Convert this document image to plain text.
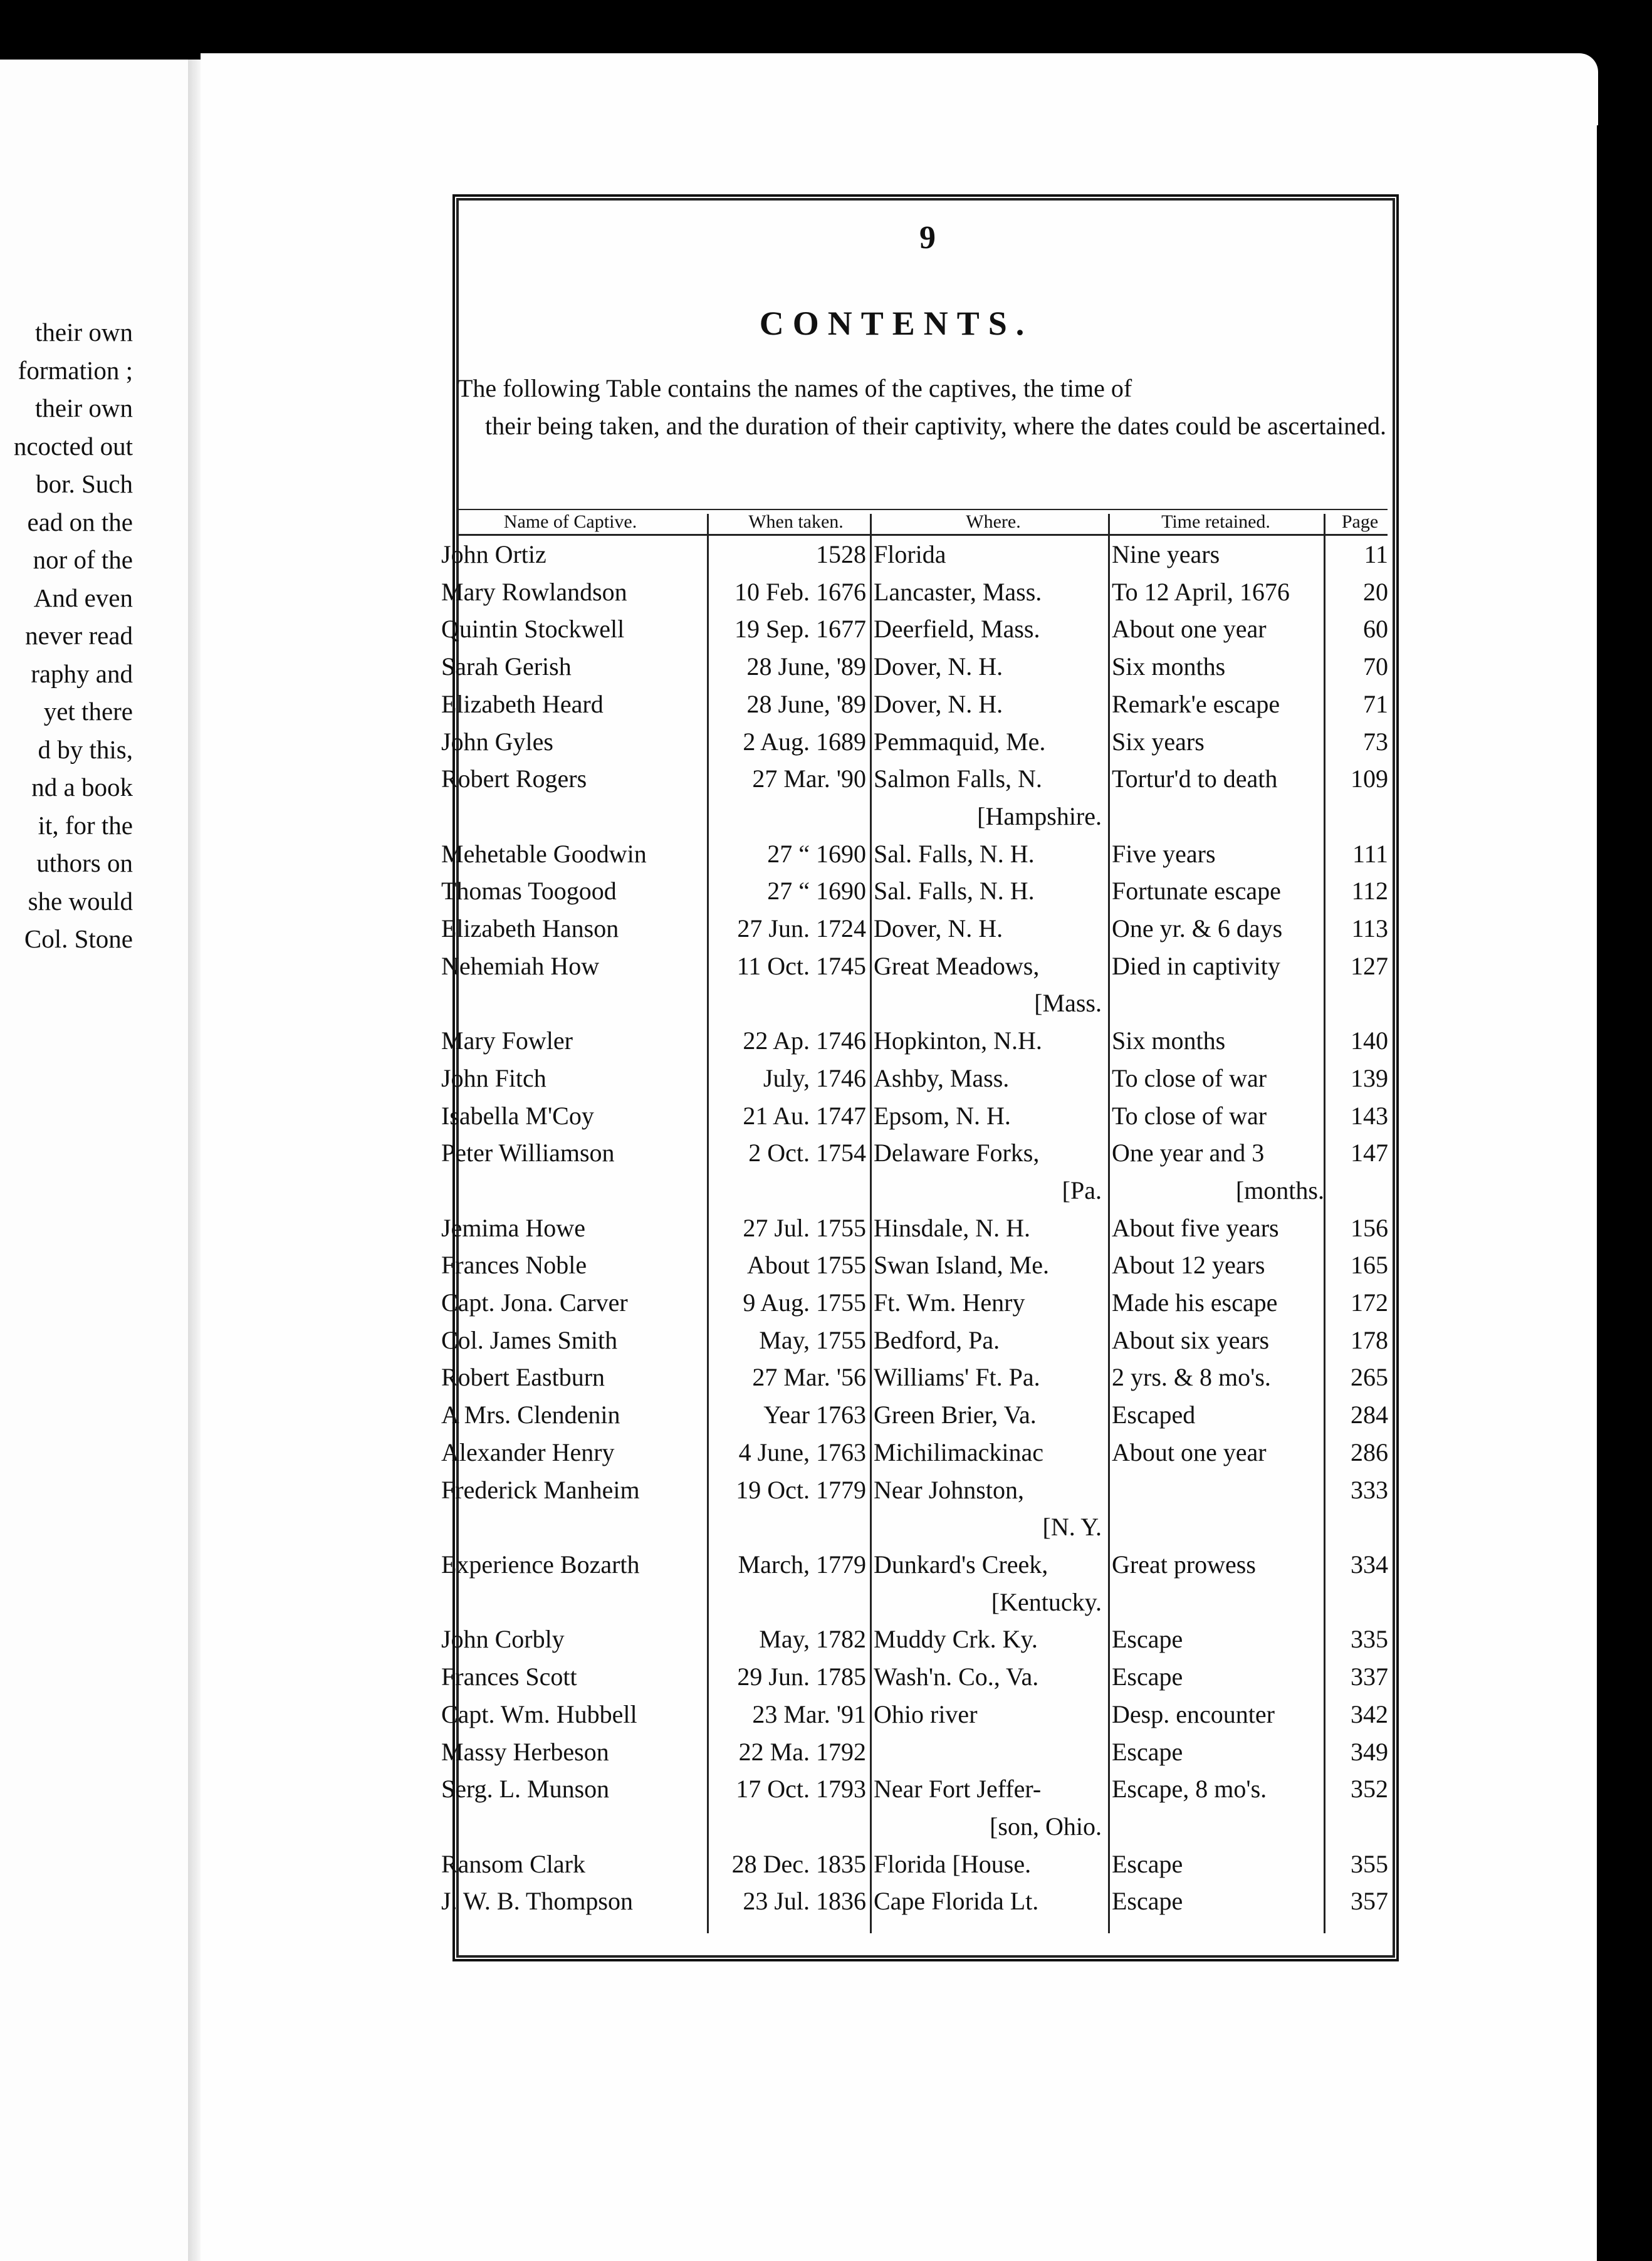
their own
formation ;
their own
ncocted out
bor. Such
ead on the
nor of the
And even
never read
raphy and
yet there
d by this,
nd a book
it, for the
uthors on
she would
Col. Stone
9
CONTENTS.
The following Table contains the names of the captives, the time of
their being taken, and the duration of their captivity, where the dates could be ascertained.
Name of Captive.	When taken.	Where.	Time retained.	Page
John Ortiz	1528	Florida	Nine years	11
Mary Rowlandson	10 Feb. 1676	Lancaster, Mass.	To 12 April, 1676	20
Quintin Stockwell	19 Sep. 1677	Deerfield, Mass.	About one year	60
Sarah Gerish	28 June, '89	Dover, N. H.	Six months	70
Elizabeth Heard	28 June, '89	Dover, N. H.	Remark'e escape	71
John Gyles	2 Aug. 1689	Pemmaquid, Me.	Six years	73
Robert Rogers	27 Mar. '90	Salmon Falls, N.	Tortur'd to death	109
		[Hampshire.		
Mehetable Goodwin	27 “ 1690	Sal. Falls, N. H.	Five years	111
Thomas Toogood	27 “ 1690	Sal. Falls, N. H.	Fortunate escape	112
Elizabeth Hanson	27 Jun. 1724	Dover, N. H.	One yr. & 6 days	113
Nehemiah How	11 Oct. 1745	Great Meadows,	Died in captivity	127
		[Mass.		
Mary Fowler	22 Ap. 1746	Hopkinton, N.H.	Six months	140
John Fitch	July, 1746	Ashby, Mass.	To close of war	139
Isabella M'Coy	21 Au. 1747	Epsom, N. H.	To close of war	143
Peter Williamson	2 Oct. 1754	Delaware Forks,	One year and 3	147
		[Pa.	[months.	
Jemima Howe	27 Jul. 1755	Hinsdale, N. H.	About five years	156
Frances Noble	About 1755	Swan Island, Me.	About 12 years	165
Capt. Jona. Carver	9 Aug. 1755	Ft. Wm. Henry	Made his escape	172
Col. James Smith	May, 1755	Bedford, Pa.	About six years	178
Robert Eastburn	27 Mar. '56	Williams' Ft. Pa.	2 yrs. & 8 mo's.	265
A Mrs. Clendenin	Year 1763	Green Brier, Va.	Escaped	284
Alexander Henry	4 June, 1763	Michilimackinac	About one year	286
Frederick Manheim	19 Oct. 1779	Near Johnston,		333
		[N. Y.		
Experience Bozarth	March, 1779	Dunkard's Creek,	Great prowess	334
		[Kentucky.		
John Corbly	May, 1782	Muddy Crk. Ky.	Escape	335
Frances Scott	29 Jun. 1785	Wash'n. Co., Va.	Escape	337
Capt. Wm. Hubbell	23 Mar. '91	Ohio river	Desp. encounter	342
Massy Herbeson	22 Ma. 1792		Escape	349
Serg. L. Munson	17 Oct. 1793	Near Fort Jeffer-	Escape, 8 mo's.	352
		[son, Ohio.		
Ransom Clark	28 Dec. 1835	Florida [House.	Escape	355
J. W. B. Thompson	23 Jul. 1836	Cape Florida Lt.	Escape	357
